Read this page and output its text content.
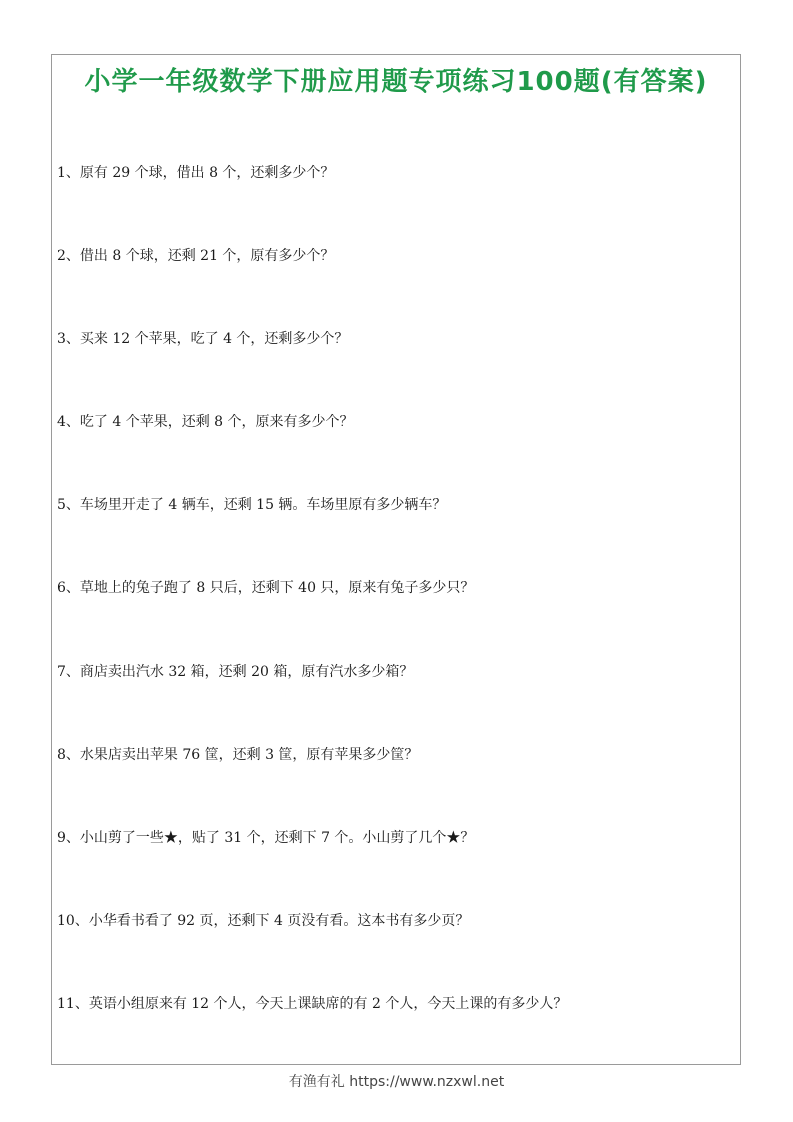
小学一年级数学下册应用题专项练习100题(有答案)
1、原有 29 个球，借出 8 个，还剩多少个？
2、借出 8 个球，还剩 21 个，原有多少个？
3、买来 12 个苹果，吃了 4 个，还剩多少个？
4、吃了 4 个苹果，还剩 8 个，原来有多少个？
5、车场里开走了 4 辆车，还剩 15 辆。车场里原有多少辆车？
6、草地上的兔子跑了 8 只后，还剩下 40 只，原来有兔子多少只？
7、商店卖出汽水 32 箱，还剩 20 箱，原有汽水多少箱？
8、水果店卖出苹果 76 筐，还剩 3 筐，原有苹果多少筐？
9、小山剪了一些★，贴了 31 个，还剩下 7 个。小山剪了几个★？
10、小华看书看了 92 页，还剩下 4 页没有看。这本书有多少页？
11、英语小组原来有 12 个人，今天上课缺席的有 2 个人，今天上课的有多少人？
有渔有礼 https://www.nzxwl.net
